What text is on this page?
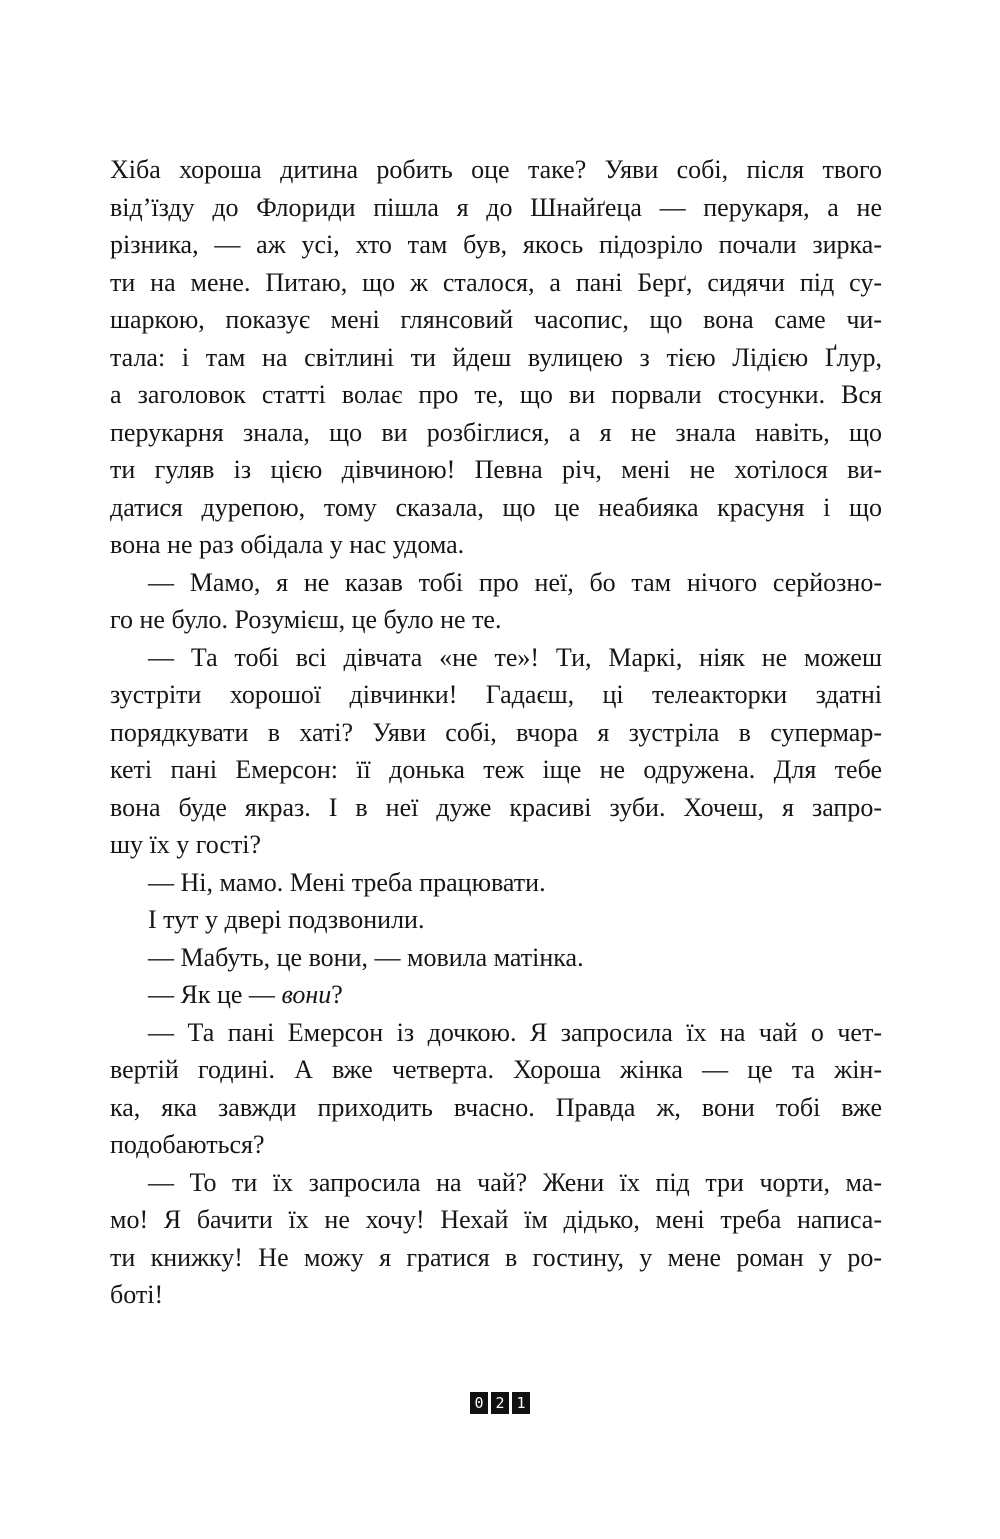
Хіба хороша дитина робить оце таке? Уяви собі, після твого
від’їзду до Флориди пішла я до Шнайґеца — перукаря, а не
різника, — аж усі, хто там був, якось підозріло почали зирка-
ти на мене. Питаю, що ж сталося, а пані Берґ, сидячи під су-
шаркою, показує мені глянсовий часопис, що вона саме чи-
тала: і там на світлині ти йдеш вулицею з тією Лідією Ґлур,
а заголовок статті волає про те, що ви порвали стосунки. Вся
перукарня знала, що ви розбіглися, а я не знала навіть, що
ти гуляв із цією дівчиною! Певна річ, мені не хотілося ви-
датися дурепою, тому сказала, що це неабияка красуня і що
вона не раз обідала у нас удома.
— Мамо, я не казав тобі про неї, бо там нічого серйозно-
го не було. Розумієш, це було не те.
— Та тобі всі дівчата «не те»! Ти, Маркі, ніяк не можеш
зустріти хорошої дівчинки! Гадаєш, ці телеакторки здатні
порядкувати в хаті? Уяви собі, вчора я зустріла в супермар-
кеті пані Емерсон: її донька теж іще не одружена. Для тебе
вона буде якраз. І в неї дуже красиві зуби. Хочеш, я запро-
шу їх у гості?
— Ні, мамо. Мені треба працювати.
І тут у двері подзвонили.
— Мабуть, це вони, — мовила матінка.
— Як це — вони?
— Та пані Емерсон із дочкою. Я запросила їх на чай о чет-
вертій годині. А вже четверта. Хороша жінка — це та жін-
ка, яка завжди приходить вчасно. Правда ж, вони тобі вже
подобаються?
— То ти їх запросила на чай? Жени їх під три чорти, ма-
мо! Я бачити їх не хочу! Нехай їм дідько, мені треба написа-
ти книжку! Не можу я гратися в гостину, у мене роман у ро-
боті!
0 2 1
